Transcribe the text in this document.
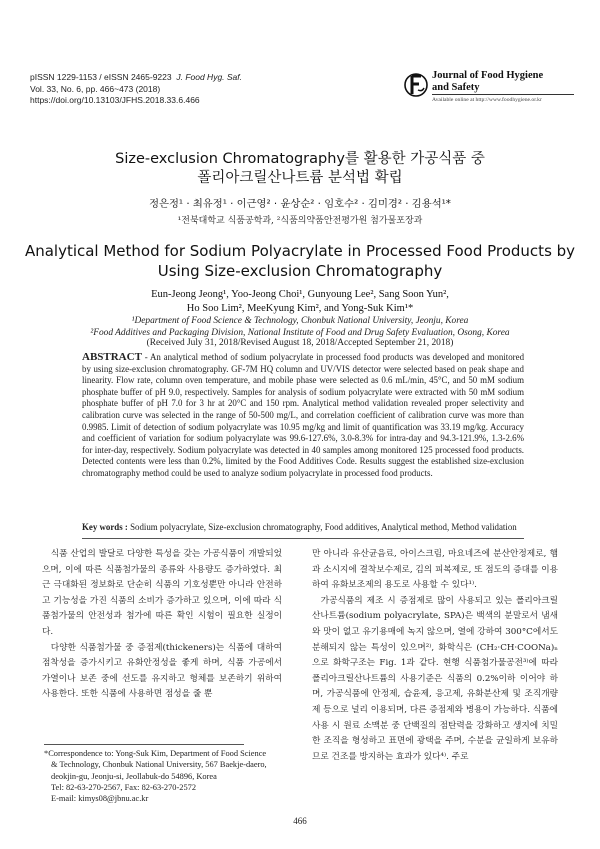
pISSN 1229-1153 / eISSN 2465-9223 J. Food Hyg. Saf.
Vol. 33, No. 6, pp. 466~473 (2018)
https://doi.org/10.13103/JFHS.2018.33.6.466
Journal of Food Hygiene
and Safety
Available online at http://www.foodhygiene.or.kr
Size-exclusion Chromatography를 활용한 가공식품 중
폴리아크릴산나트륨 분석법 확립
정은정¹ · 최유정¹ · 이근영² · 윤상순² · 임호수² · 김미경² · 김용석¹*
¹전북대학교 식품공학과, ²식품의약품안전평가원 첨가물포장과
Analytical Method for Sodium Polyacrylate in Processed Food Products by
Using Size-exclusion Chromatography
Eun-Jeong Jeong¹, Yoo-Jeong Choi¹, Gunyoung Lee², Sang Soon Yun²,
Ho Soo Lim², MeeKyung Kim², and Yong-Suk Kim¹*
¹Department of Food Science & Technology, Chonbuk National University, Jeonju, Korea
²Food Additives and Packaging Division, National Institute of Food and Drug Safety Evaluation, Osong, Korea
(Received July 31, 2018/Revised August 18, 2018/Accepted September 21, 2018)
ABSTRACT - An analytical method of sodium polyacrylate in processed food products was developed and monitored by using size-exclusion chromatography. GF-7M HQ column and UV/VIS detector were selected based on peak shape and linearity. Flow rate, column oven temperature, and mobile phase were selected as 0.6 mL/min, 45°C, and 50 mM sodium phosphate buffer of pH 9.0, respectively. Samples for analysis of sodium polyacrylate were extracted with 50 mM sodium phosphate buffer of pH 7.0 for 3 hr at 20°C and 150 rpm. Analytical method validation revealed proper selectivity and calibration curve was selected in the range of 50-500 mg/L, and correlation coefficient of calibration curve was more than 0.9985. Limit of detection of sodium polyacrylate was 10.95 mg/kg and limit of quantification was 33.19 mg/kg. Accuracy and coefficient of variation for sodium polyacrylate was 99.6-127.6%, 3.0-8.3% for intra-day and 94.3-121.9%, 1.3-2.6% for inter-day, respectively. Sodium polyacrylate was detected in 40 samples among monitored 125 processed food products. Detected contents were less than 0.2%, limited by the Food Additives Code. Results suggest the established size-exclusion chromatography method could be used to analyze sodium polyacrylate in processed food products.
Key words : Sodium polyacrylate, Size-exclusion chromatography, Food additives, Analytical method, Method validation

식품 산업의 발달로 다양한 특성을 갖는 가공식품이 개발되었으며, 이에 따른 식품첨가물의 종류와 사용량도 증가하였다. 최근 극대화된 정보화로 단순히 식품의 기호성뿐만 아니라 안전하고 기능성을 가진 식품의 소비가 증가하고 있으며, 이에 따라 식품첨가물의 안전성과 첨가에 따른 확인 시험이 필요한 실정이다.

다양한 식품첨가물 중 증점제(thickeners)는 식품에 대하여 점착성을 증가시키고 유화안정성을 좋게 하며, 식품 가공에서 가열이나 보존 중에 선도를 유지하고 형체를 보존하기 위하여 사용한다. 또한 식품에 사용하면 점성을 줄 뿐

만 아니라 유산균음료, 아이스크림, 마요네즈에 분산안정제로, 햄과 소시지에 결착보수제로, 김의 피복제로, 또 점도의 증대를 이용하여 유화보조제의 용도로 사용할 수 있다¹⁾.

가공식품의 제조 시 증점제로 많이 사용되고 있는 폴리아크릴산나트륨(sodium polyacrylate, SPA)은 백색의 분말로서 냄새와 맛이 없고 유기용매에 녹지 않으며, 열에 강하여 300°C에서도 분해되지 않는 특성이 있으며²⁾, 화학식은 (CH₂·CH·COONa)ₙ으로 화학구조는 Fig. 1과 같다. 현행 식품첨가물공전³⁾에 따라 폴리아크릴산나트륨의 사용기준은 식품의 0.2%이하 이어야 하며, 가공식품에 안정제, 습윤제, 응고제, 유화분산제 및 조직개량제 등으로 널리 이용되며, 다른 증점제와 병용이 가능하다. 식품에 사용 시 원료 소맥분 중 단백질의 점탄력을 강화하고 생지에 치밀한 조직을 형성하고 표면에 광택을 주며, 수분을 균일하게 보유하므로 건조를 방지하는 효과가 있다⁴⁾. 주로

*Correspondence to: Yong-Suk Kim, Department of Food Science
& Technology, Chonbuk National University, 567 Baekje-daero,
deokjin-gu, Jeonju-si, Jeollabuk-do 54896, Korea
Tel: 82-63-270-2567, Fax: 82-63-270-2572
E-mail: kimys08@jbnu.ac.kr
466
